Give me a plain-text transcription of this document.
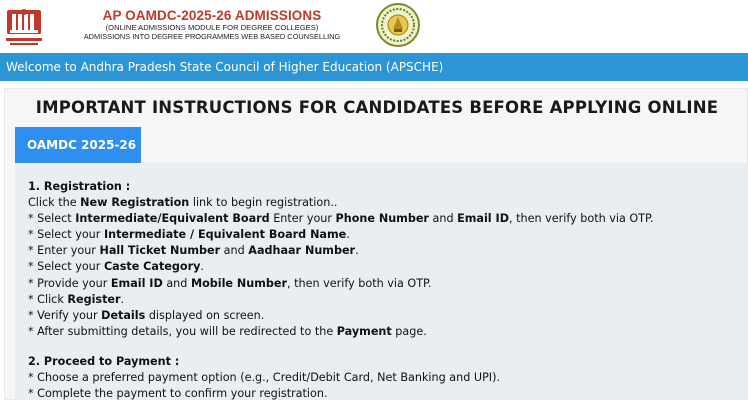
AP OAMDC-2025-26 ADMISSIONS
(ONLINE ADMISSIONS MODULE FOR DEGREE COLLEGES)
ADMISSIONS INTO DEGREE PROGRAMMES WEB BASED COUNSELLING
Welcome to Andhra Pradesh State Council of Higher Education (APSCHE)
IMPORTANT INSTRUCTIONS FOR CANDIDATES BEFORE APPLYING ONLINE
OAMDC 2025-26
1. Registration :
Click the New Registration link to begin registration..
* Select Intermediate/Equivalent Board Enter your Phone Number and Email ID, then verify both via OTP.
* Select your Intermediate / Equivalent Board Name.
* Enter your Hall Ticket Number and Aadhaar Number.
* Select your Caste Category.
* Provide your Email ID and Mobile Number, then verify both via OTP.
* Click Register.
* Verify your Details displayed on screen.
* After submitting details, you will be redirected to the Payment page.
2. Proceed to Payment :
* Choose a preferred payment option (e.g., Credit/Debit Card, Net Banking and UPI).
* Complete the payment to confirm your registration.
